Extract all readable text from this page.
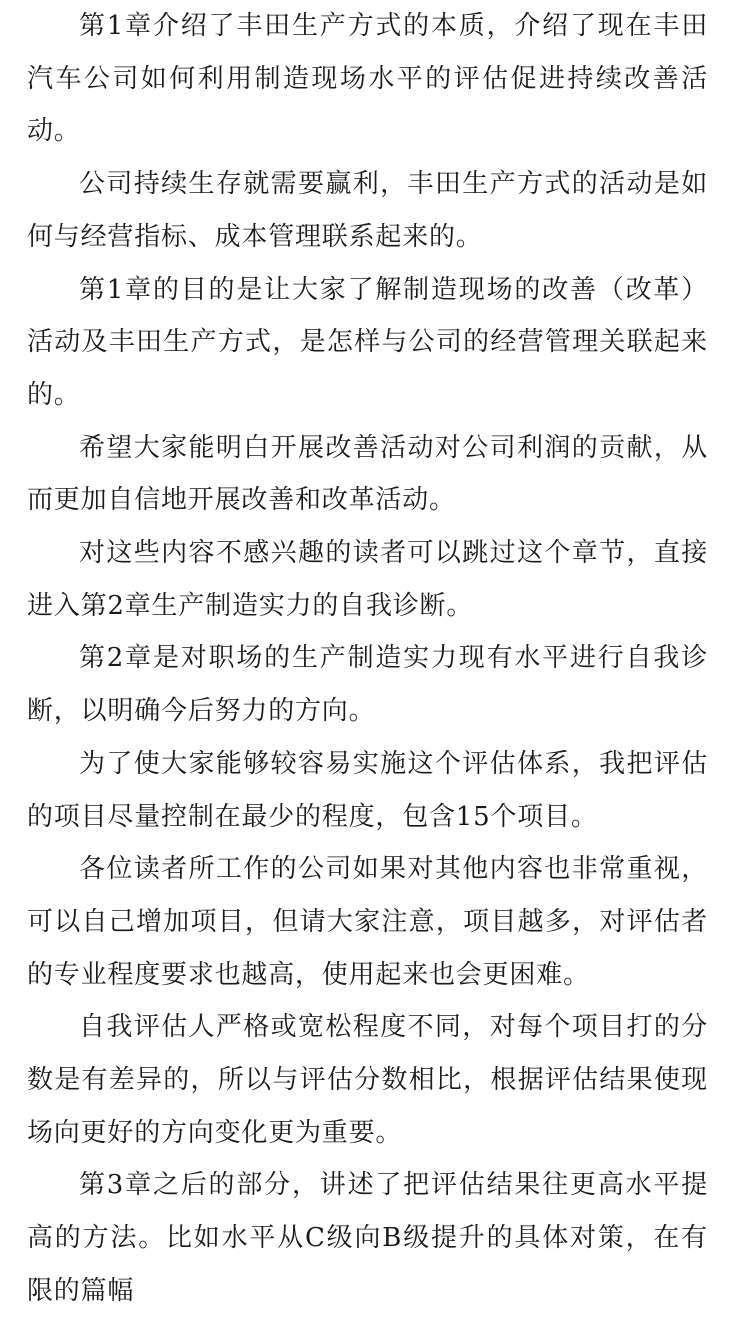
第1章介绍了丰田生产方式的本质，介绍了现在丰田汽车公司如何利用制造现场水平的评估促进持续改善活动。

公司持续生存就需要赢利，丰田生产方式的活动是如何与经营指标、成本管理联系起来的。

第1章的目的是让大家了解制造现场的改善（改革）活动及丰田生产方式，是怎样与公司的经营管理关联起来的。

希望大家能明白开展改善活动对公司利润的贡献，从而更加自信地开展改善和改革活动。

对这些内容不感兴趣的读者可以跳过这个章节，直接进入第2章生产制造实力的自我诊断。

第2章是对职场的生产制造实力现有水平进行自我诊断，以明确今后努力的方向。

为了使大家能够较容易实施这个评估体系，我把评估的项目尽量控制在最少的程度，包含15个项目。

各位读者所工作的公司如果对其他内容也非常重视，可以自己增加项目，但请大家注意，项目越多，对评估者的专业程度要求也越高，使用起来也会更困难。

自我评估人严格或宽松程度不同，对每个项目打的分数是有差异的，所以与评估分数相比，根据评估结果使现场向更好的方向变化更为重要。

第3章之后的部分，讲述了把评估结果往更高水平提高的方法。比如水平从C级向B级提升的具体对策，在有限的篇幅
